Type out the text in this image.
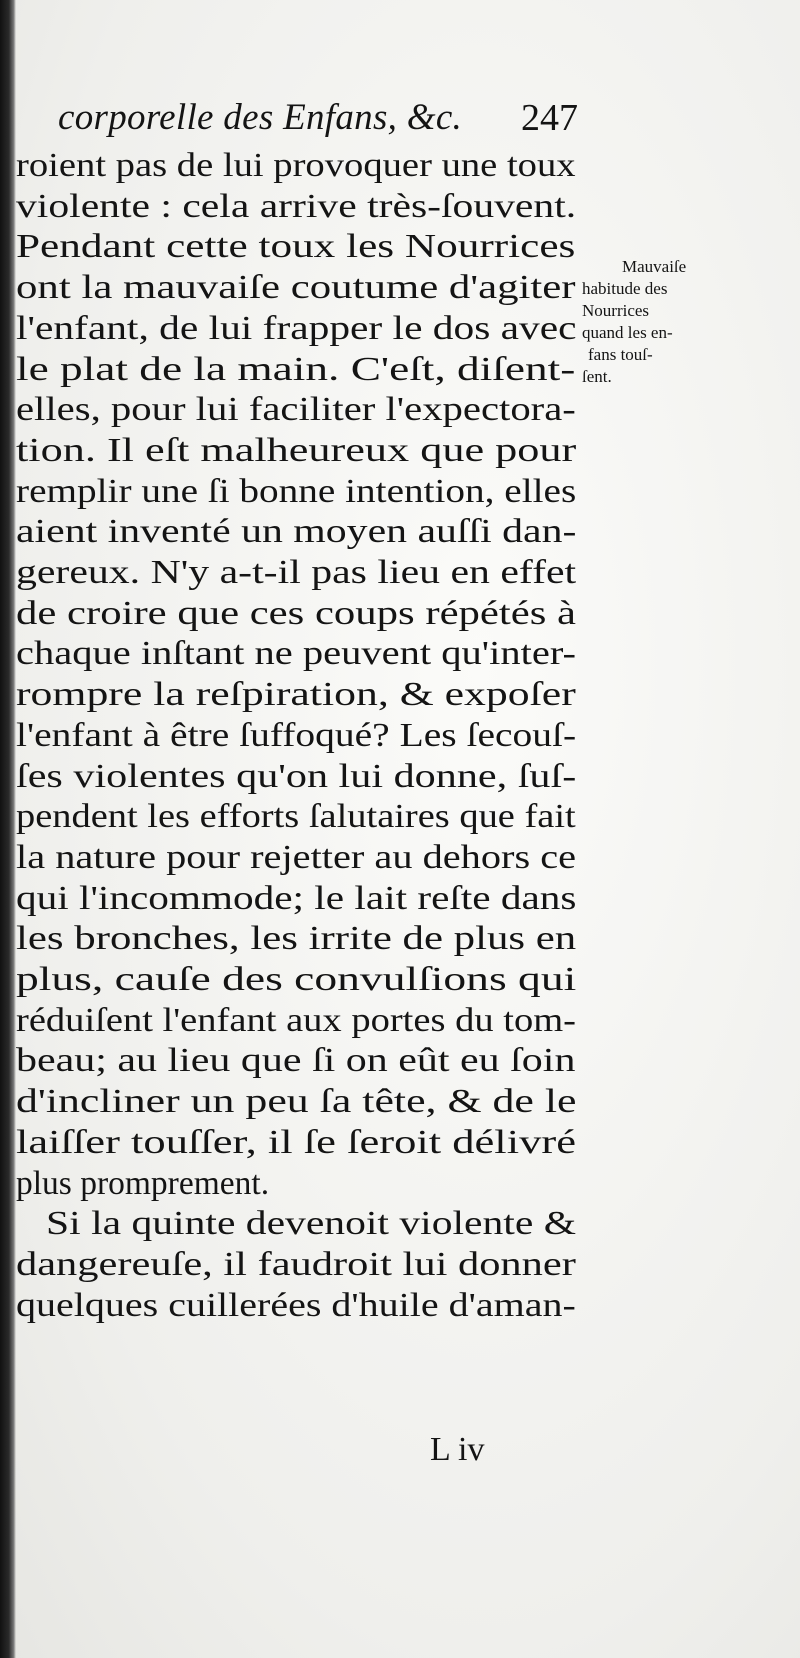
corporelle des Enfans, &c. 247
roient pas de lui provoquer une toux
violente : cela arrive très-ſouvent.
Pendant cette toux les Nourrices
ont la mauvaiſe coutume d'agiter
l'enfant, de lui frapper le dos avec
le plat de la main. C'eſt, diſent-
elles, pour lui faciliter l'expectora-
tion. Il eſt malheureux que pour
remplir une ſi bonne intention, elles
aient inventé un moyen auſſi dan-
gereux. N'y a-t-il pas lieu en effet
de croire que ces coups répétés à
chaque inſtant ne peuvent qu'inter-
rompre la reſpiration, & expoſer
l'enfant à être ſuffoqué? Les ſecouſ-
ſes violentes qu'on lui donne, ſuſ-
pendent les efforts ſalutaires que fait
la nature pour rejetter au dehors ce
qui l'incommode; le lait reſte dans
les bronches, les irrite de plus en
plus, cauſe des convulſions qui
réduiſent l'enfant aux portes du tom-
beau; au lieu que ſi on eût eu ſoin
d'incliner un peu ſa tête, & de le
laiſſer touſſer, il ſe ſeroit délivré
plus promprement.
Si la quinte devenoit violente &
dangereuſe, il faudroit lui donner
quelques cuillerées d'huile d'aman-
Mauvaiſe
habitude des
Nourrices
quand les en-
fans touſ-
ſent.
L iv
